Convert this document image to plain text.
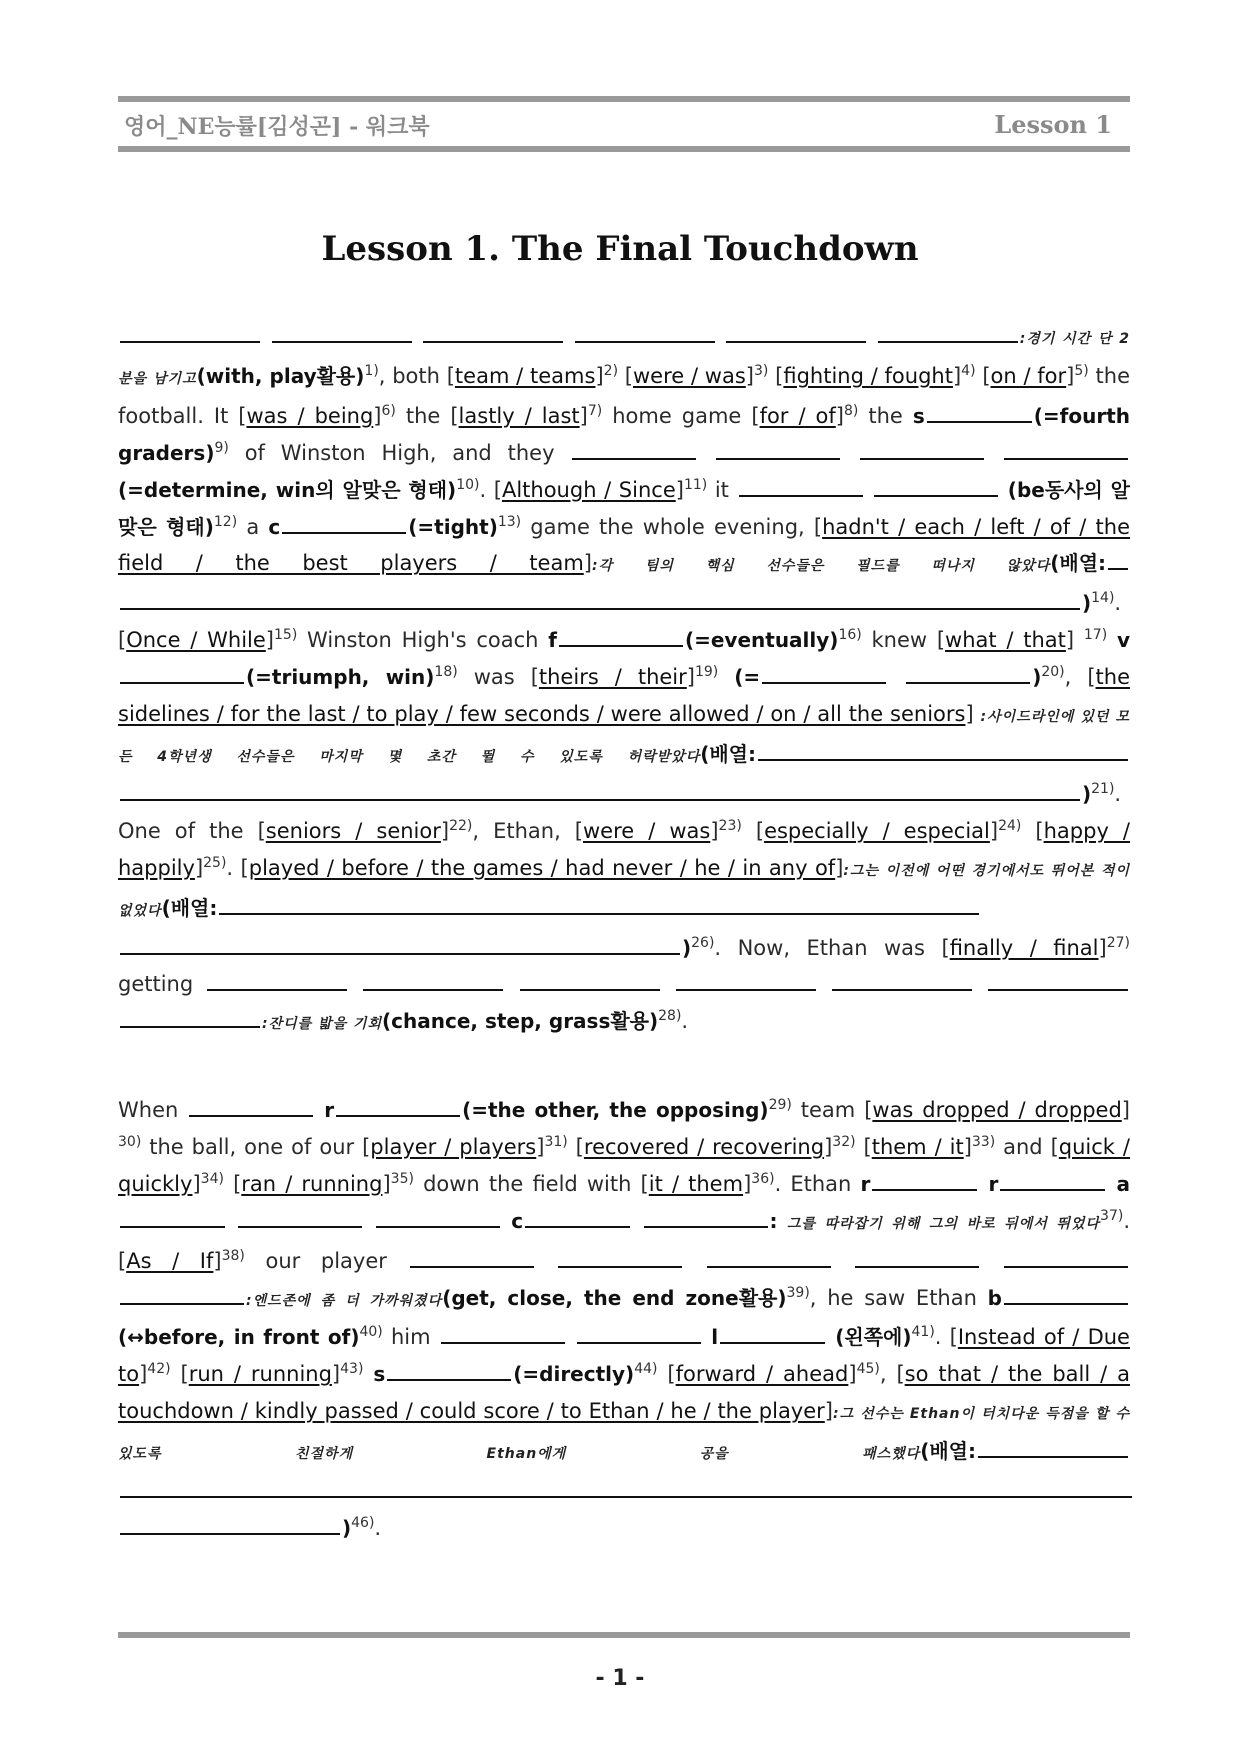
영어_NE능률[김성곤] - 워크북	Lesson 1
Lesson 1. The Final Touchdown
:경기 시간 단 2 분을 남기고(with, play활용)$^{1)}$, both [team / teams]$^{2)}$ [were / was]$^{3)}$ [fighting / fought]$^{4)}$ [on / for]$^{5)}$ the football. It [was / being]$^{6)}$ the [lastly / last]$^{7)}$ home game [for / of]$^{8)}$ the s	(=fourth graders)$^{9)}$ of Winston High, and they    (=determine, win의 알맞은 형태)$^{10)}$. [Although / Since]$^{11)}$ it	(be동사의 알맞은 형태)$^{12)}$ a c	(=tight)$^{13)}$ game the whole evening, [hadn't / each / left / of / the field / the best players / team]:각 팀의 핵심 선수들은 필드를 떠나지 않았다(배열: )$^{14)}$. [Once / While]$^{15)}$ Winston High's coach f	(=eventually)$^{16)}$ knew [what / that] $^{17)}$ v(=triumph, win)$^{18)}$ was [theirs / their]$^{19)}$ (=	)$^{20)}$, [the sidelines / for the last / to play / few seconds / were allowed / on / all the seniors] :사이드라인에 있던 모든 4학년생 선수들은 마지막 몇 초간 뛸 수 있도록 허락받았다(배열: )$^{21)}$. One of the [seniors / senior]$^{22)}$, Ethan, [were / was]$^{23)}$ [especially / especial]$^{24)}$ [happy / happily]$^{25)}$. [played / before / the games / had never / he / in any of]:그는 이전에 어떤 경기에서도 뛰어본 적이 없었다(배열: )$^{26)}$. Now, Ethan was [finally / final]$^{27)}$ getting       :잔디를 밟을 기회(chance, step, grass활용)$^{28)}$.
When	r	(=the other, the opposing)$^{29)}$ team [was dropped / dropped] $^{30)}$ the ball, one of our [player / players]$^{31)}$ [recovered / recovering]$^{32)}$ [them / it]$^{33)}$ and [quick / quickly]$^{34)}$ [ran / running]$^{35)}$ down the field with [it / them]$^{36)}$. Ethan r	r	a   c	: 그를 따라잡기 위해 그의 바로 뒤에서 뛰었다$^{37)}$. [As / If]$^{38)}$ our player      :엔드존에 좀 더 가까워졌다(get, close, the end zone활용)$^{39)}$, he saw Ethan b(↔before, in front of)$^{40)}$ him	l	(왼쪽에)$^{41)}$. [Instead of / Due to]$^{42)}$ [run / running]$^{43)}$ s	(=directly)$^{44)}$ [forward / ahead]$^{45)}$, [so that / the ball / a touchdown / kindly passed / could score / to Ethan / he / the player]:그 선수는 Ethan이 터치다운 득점을 할 수 있도록 친절하게 Ethan에게 공을 패스했다(배열:  )$^{46)}$.
- 1 -
